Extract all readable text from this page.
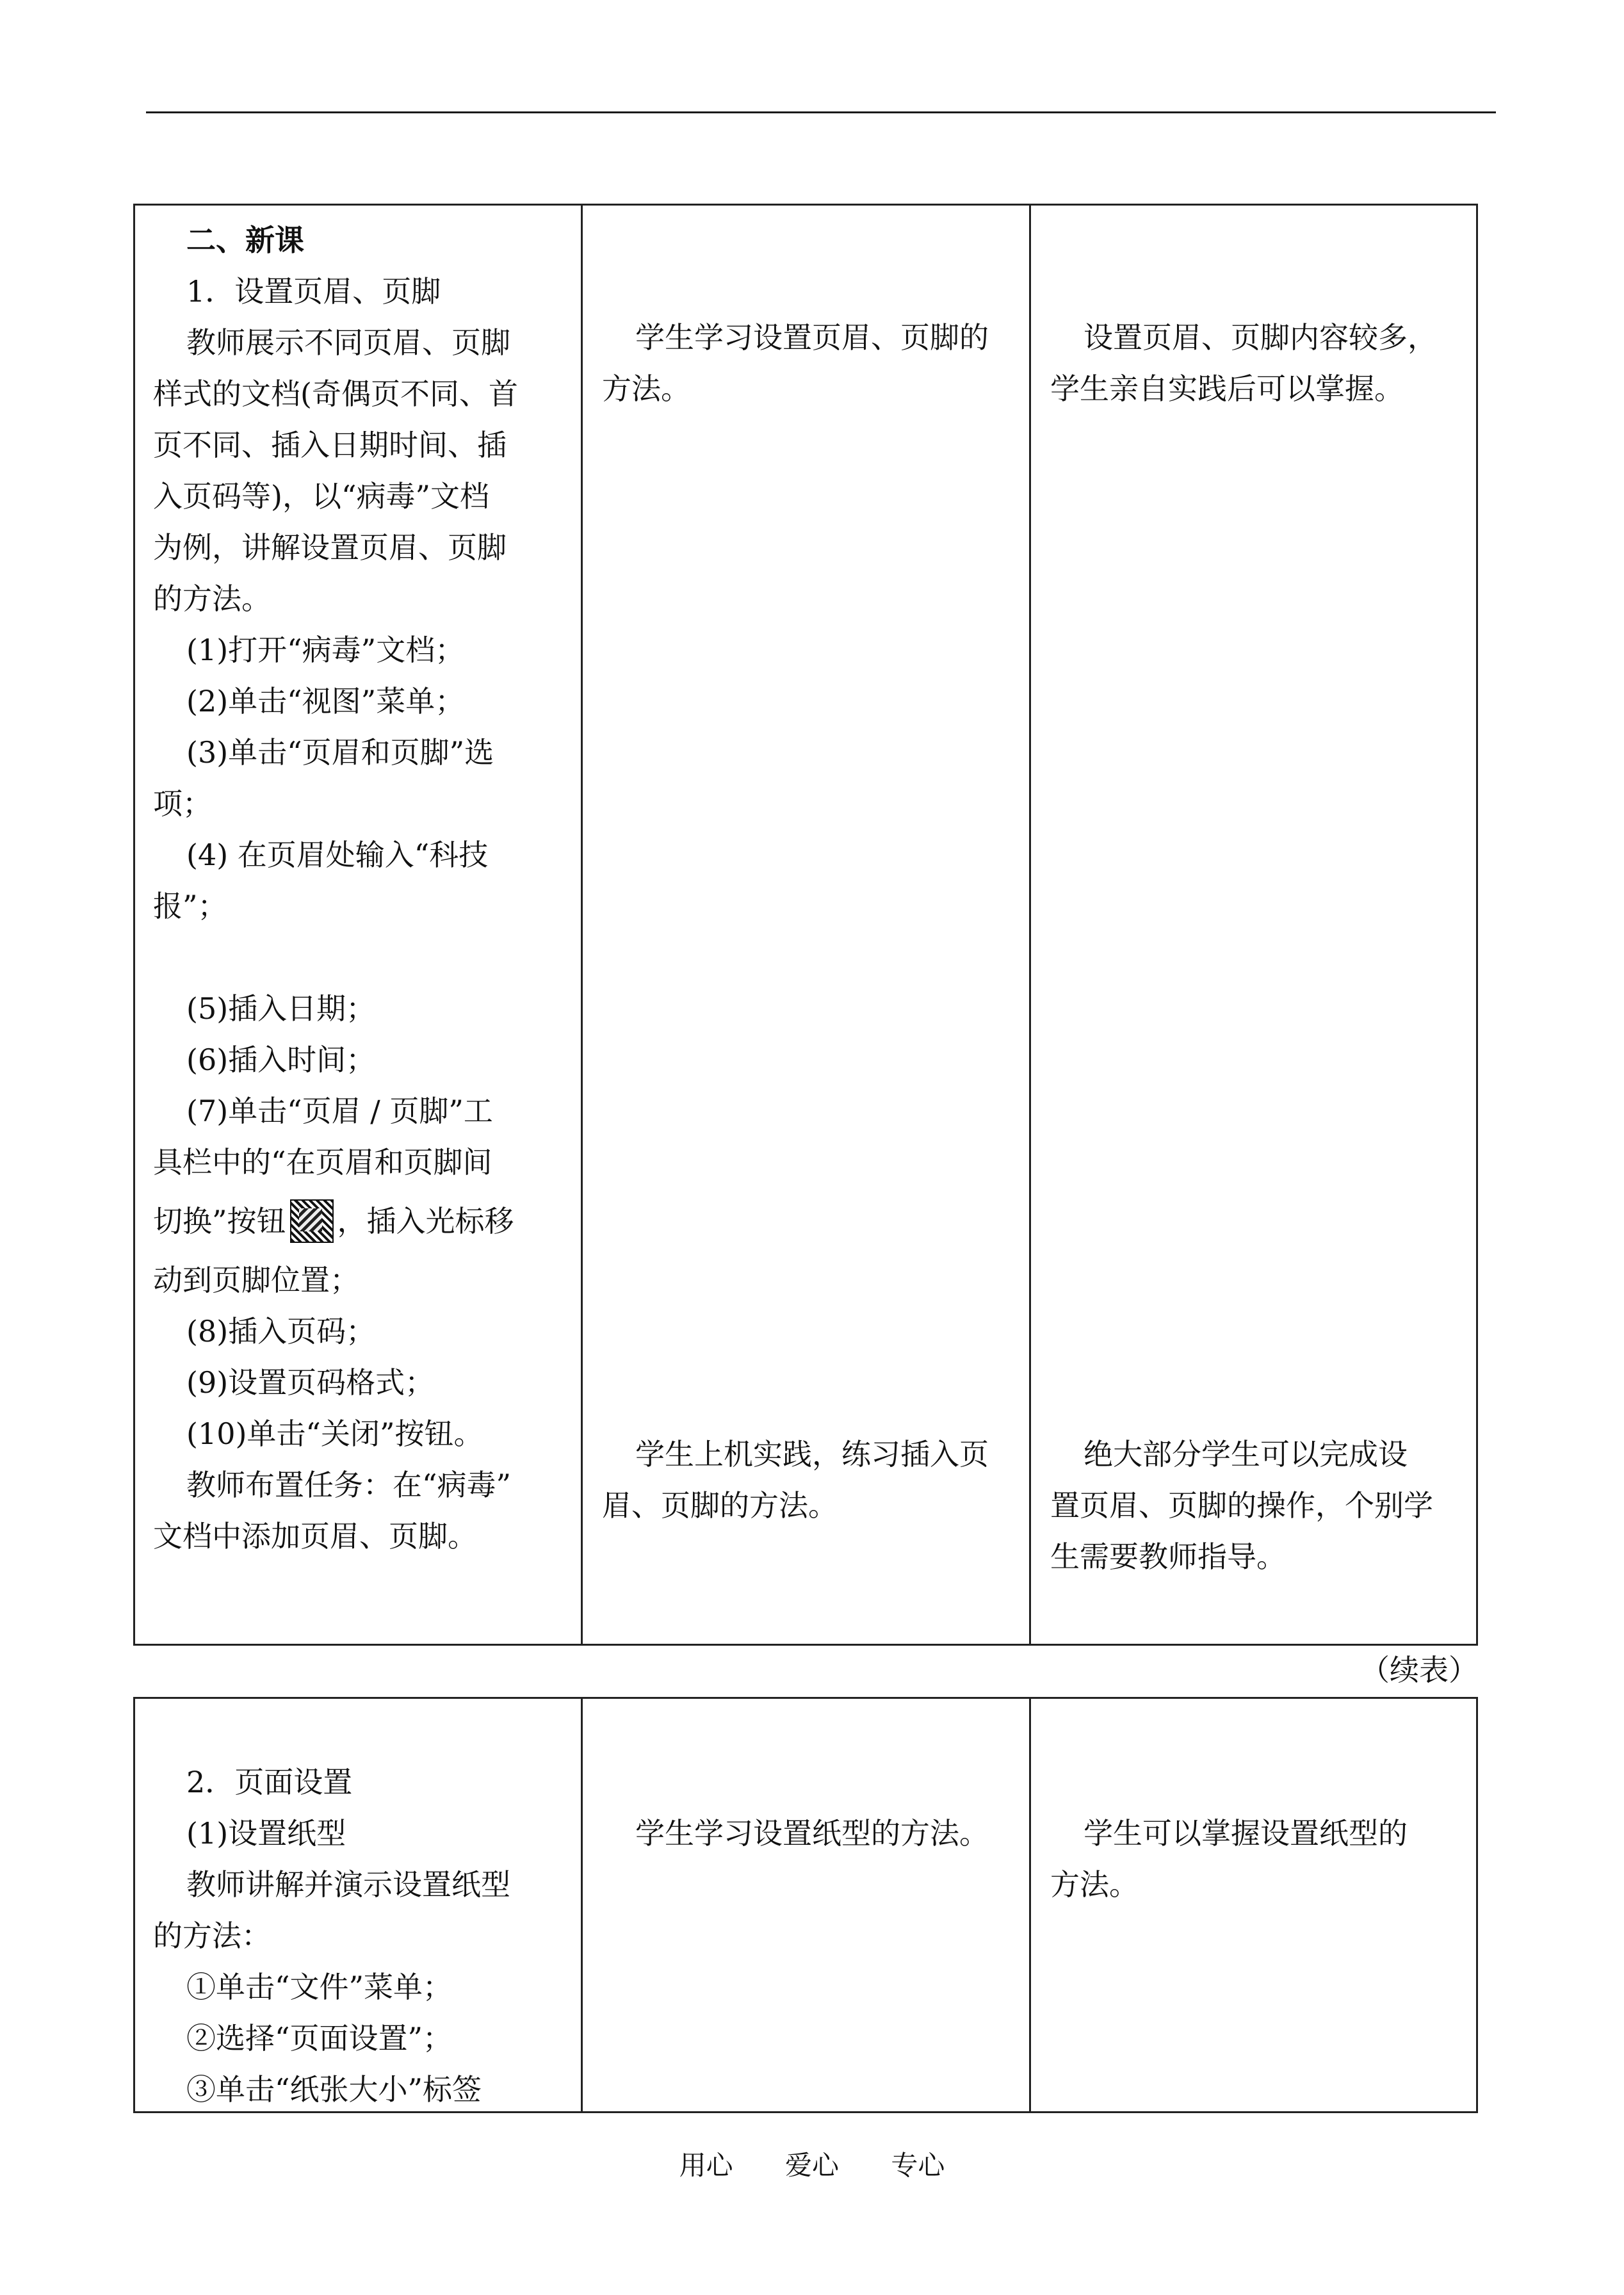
二、新课
1．设置页眉、页脚
教师展示不同页眉、页脚
样式的文档(奇偶页不同、首
页不同、插入日期时间、插
入页码等)，以“病毒”文档
为例，讲解设置页眉、页脚
的方法。
(1)打开“病毒”文档；
(2)单击“视图”菜单；
(3)单击“页眉和页脚”选
项；
(4) 在页眉处输入“科技
报”；
(5)插入日期；
(6)插入时间；
(7)单击“页眉 / 页脚”工
具栏中的“在页眉和页脚间
切换”按钮 ，插入光标移
动到页脚位置；
(8)插入页码；
(9)设置页码格式；
(10)单击“关闭”按钮。
教师布置任务：在“病毒”
文档中添加页眉、页脚。
学生学习设置页眉、页脚的
方法。
学生上机实践，练习插入页
眉、页脚的方法。
设置页眉、页脚内容较多，
学生亲自实践后可以掌握。
绝大部分学生可以完成设
置页眉、页脚的操作，个别学
生需要教师指导。
（续表）
2．页面设置
(1)设置纸型
教师讲解并演示设置纸型
的方法：
①单击“文件”菜单；
②选择“页面设置”；
③单击“纸张大小”标签
学生学习设置纸型的方法。	学生可以掌握设置纸型的
方法。
用心 爱心 专心
